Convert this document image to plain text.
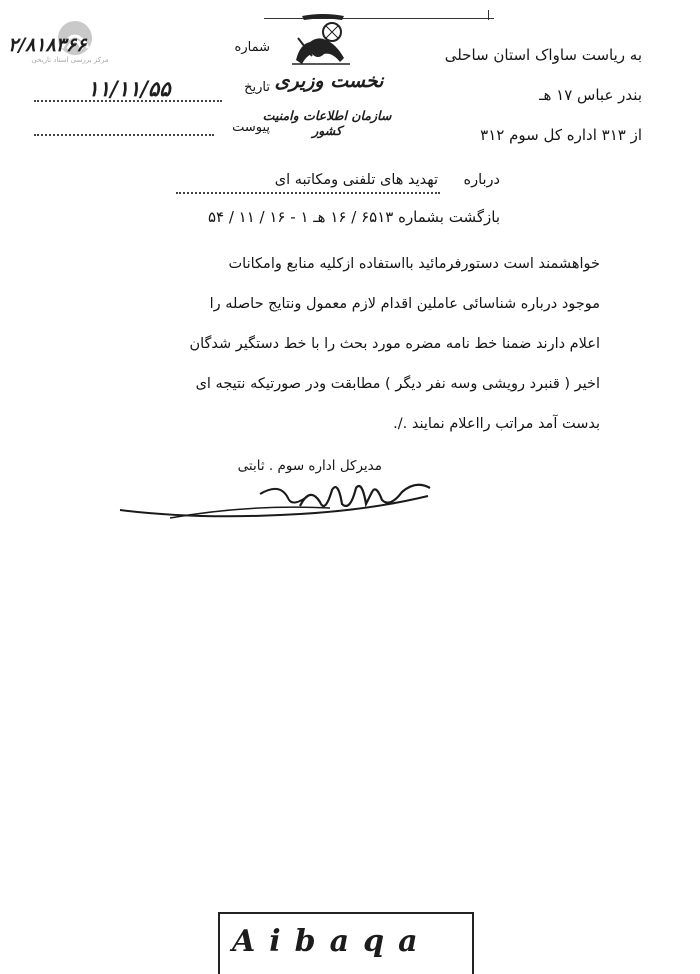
مرکز بررسی اسناد تاریخی
شماره
۲/۸۱۸۳۶۶
تاریخ
۱۱/۱۱/۵۵
پیوست
نخست وزیری
سازمان اطلاعات وامنیت کشور
به ریاست ساواک استان ساحلی
بندر عباس ۱۷ هـ
از ۳۱۳ اداره کل سوم ۳۱۲
درباره
تهدید های تلفنی ومکاتبه ای
بازگشت بشماره ۶۵۱۳ / ۱۶ هـ ۱ - ۱۶ / ۱۱ / ۵۴
خواهشمند است دستورفرمائید بااستفاده ازکلیه منابع وامکانات
موجود درباره شناسائی عاملین اقدام لازم معمول ونتایج حاصله را
اعلام دارند ضمنا خط نامه مضره مورد بحث را با خط دستگیر شدگان
اخیر ( قنبرد رویشی وسه نفر دیگر ) مطابقت ودر صورتیکه نتیجه ای
بدست آمد مراتب رااعلام نمایند ./.
مدیرکل اداره سوم . ثابتی
Aibaqa
